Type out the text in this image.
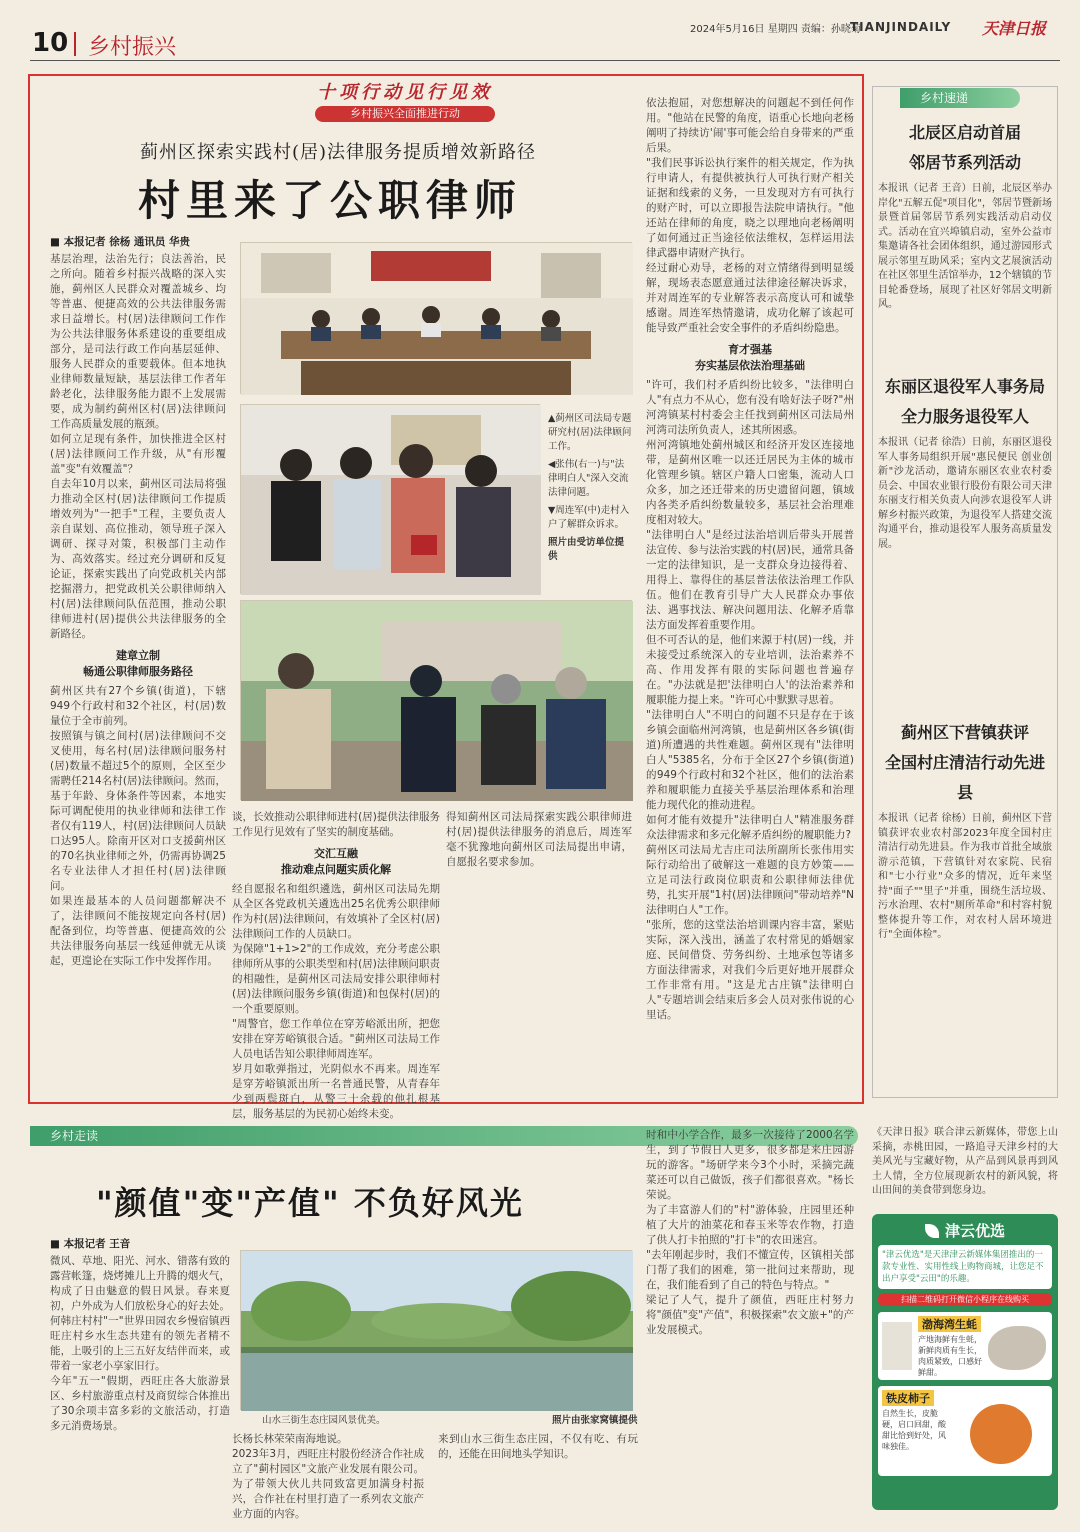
10 乡村振兴
2024年5月16日 星期四 责编：孙晓菊
TIANJINDAILY 天津日报
十项行动见行见效
乡村振兴全面推进行动
蓟州区探索实践村(居)法律服务提质增效新路径
村里来了公职律师
■ 本报记者 徐杨 通讯员 华贵

基层治理，法治先行；良法善治，民之所向。随着乡村振兴战略的深入实施，蓟州区人民群众对覆盖城乡、均等普惠、便捷高效的公共法律服务需求日益增长。村(居)法律顾问工作作为公共法律服务体系建设的重要组成部分，是司法行政工作向基层延伸、服务人民群众的重要载体。但本地执业律师数量短缺，基层法律工作者年龄老化，法律服务能力跟不上发展需要，成为制约蓟州区村(居)法律顾问工作高质量发展的瓶颈。

如何立足现有条件，加快推进全区村(居)法律顾问工作升级，从"有形覆盖"变"有效覆盖"？

自去年10月以来，蓟州区司法局将强力推动全区村(居)法律顾问工作提质增效列为"一把手"工程，主要负责人亲自谋划、高位推动，领导班子深入调研、探寻对策，积极部门主动作为、高效落实。经过充分调研和反复论证，探索实践出了向党政机关内部挖掘潜力，把党政机关公职律师纳入村(居)法律顾问队伍范围，推动公职律师进村(居)提供公共法律服务的全新路径。

建章立制
畅通公职律师服务路径

蓟州区共有27个乡镇(街道)，下辖949个行政村和32个社区，村(居)数量位于全市前列。

按照镇与镇之间村(居)法律顾问不交叉使用，每名村(居)法律顾问服务村(居)数量不超过5个的原则，全区至少需聘任214名村(居)法律顾问。然而，基于年龄、身体条件等因素，本地实际可调配使用的执业律师和法律工作者仅有119人，村(居)法律顾问人员缺口达95人。除南开区对口支援蓟州区的70名执业律师之外，仍需再协调25名专业法律人才担任村(居)法律顾问。

如果连最基本的人员问题都解决不了，法律顾问不能按规定向各村(居)配备到位，均等普惠、便捷高效的公共法律服务向基层一线延伸就无从谈起，更遑论在实际工作中发挥作用。

▲蓟州区司法局专题研究村(居)法律顾问工作。
◀张伟(右一)与"法律明白人"深入交流法律问题。
▼周连军(中)走村入户了解群众诉求。
照片由受访单位提供

谈，长效推动公职律师进村(居)提供法律服务工作见行见效有了坚实的制度基础。

交汇互融
推动难点问题实质化解

经自愿报名和组织遴选，蓟州区司法局先期从全区各党政机关遴选出25名优秀公职律师作为村(居)法律顾问，有效填补了全区村(居)法律顾问工作的人员缺口。

为保障"1+1>2"的工作成效，充分考虑公职律师所从事的公职类型和村(居)法律顾问职责的相融性，是蓟州区司法局安排公职律师村(居)法律顾问服务乡镇(街道)和包保村(居)的一个重要原则。

"周警官，您工作单位在穿芳峪派出所，把您安排在穿芳峪镇很合适。"蓟州区司法局工作人员电话告知公职律师周连军。

岁月如歌弹指过，光阴似水不再来。周连军是穿芳峪镇派出所一名普通民警，从青春年少到两鬓斑白，从警三十余载的他扎根基层，服务基层的为民初心始终未变。

得知蓟州区司法局探索实践公职律师进村(居)提供法律服务的消息后，周连军毫不犹豫地向蓟州区司法局提出申请，自愿报名要求参加。

依法抱屈，对您想解决的问题起不到任何作用。"他站在民警的角度，语重心长地向老杨阐明了持续访'闹'事可能会给自身带来的严重后果。

"我们民事诉讼执行案件的相关规定，作为执行申请人，有提供被执行人可执行财产相关证据和线索的义务，一旦发现对方有可执行的财产时，可以立即报告法院申请执行。"他还站在律师的角度，晓之以理地向老杨阐明了如何通过正当途径依法维权，怎样运用法律武器申请财产执行。

经过耐心劝导，老杨的对立情绪得到明显缓解，现场表态愿意通过法律途径解决诉求，并对周连军的专业解答表示高度认可和诚挚感谢。周连军热情邀请，成功化解了该起可能导致严重社会安全事件的矛盾纠纷隐患。

育才强基
夯实基层依法治理基础

"许可，我们村矛盾纠纷比较多，"法律明白人"有点力不从心，您有没有啥好法子呀?"州河湾镇某村村委会主任找到蓟州区司法局州河湾司法所负责人，述其所困惑。

州河湾镇地处蓟州城区和经济开发区连接地带，是蓟州区唯一以还迁居民为主体的城市化管理乡镇。辖区户籍人口密集，流动人口众多，加之还迁带来的历史遗留问题，镇域内各类矛盾纠纷数量较多，基层社会治理难度相对较大。

"法律明白人"是经过法治培训后带头开展普法宣传、参与法治实践的村(居)民，通常具备一定的法律知识，是一支群众身边接得着、用得上、靠得住的基层普法依法治理工作队伍。他们在教育引导广大人民群众办事依法、遇事找法、解决问题用法、化解矛盾靠法方面发挥着重要作用。

但不可否认的是，他们来源于村(居)一线，并未接受过系统深入的专业培训，法治素养不高、作用发挥有限的实际问题也普遍存在。"办法就是把'法律明白人'的法治素养和履职能力提上来。"许可心中默默寻思着。

"法律明白人"不明白的问题不只是存在于该乡镇会面临州河湾镇，也是蓟州区各乡镇(街道)所遭遇的共性难题。蓟州区现有"法律明白人"5385名，分布于全区27个乡镇(街道)的949个行政村和32个社区，他们的法治素养和履职能力直接关乎基层治理体系和治理能力现代化的推动进程。

如何才能有效提升"法律明白人"精准服务群众法律需求和多元化解矛盾纠纷的履职能力?

蓟州区司法局尤吉庄司法所副所长张伟用实际行动给出了破解这一难题的良方妙策——立足司法行政岗位职责和公职律师法律优势，扎实开展"1村(居)法律顾问"带动培养"N法律明白人"工作。

"张所，您的这堂法治培训课内容丰富，紧贴实际，深入浅出，涵盖了农村常见的婚姻家庭、民间借贷、劳务纠纷、土地承包等诸多方面法律需求，对我们今后更好地开展群众工作非常有用。"这是尤古庄镇"法律明白人"专题培训会结束后多会人员对张伟说的心里话。

乡村速递
北辰区启动首届
邻居节系列活动
本报讯（记者 王音）日前，北辰区举办岸化"五解五促"项目化"，邻居节暨新场景暨首届邻居节系列实践活动启动仪式。活动在宜兴埠镇启动，室外公益市集邀请各社会团体组织，通过游园形式展示邻里互助风采；室内文艺展演活动在社区邻里生活馆举办，12个辖镇的节目轮番登场，展现了社区好邻居文明新风。
东丽区退役军人事务局
全力服务退役军人
本报讯（记者 徐浩）日前，东丽区退役军人事务局组织开展"惠民便民 创业创新"沙龙活动，邀请东丽区农业农村委员会、中国农业银行股份有限公司天津东丽支行相关负责人向涉农退役军人讲解乡村振兴政策，为退役军人搭建交流沟通平台，推动退役军人服务高质量发展。
蓟州区下营镇获评
全国村庄清洁行动先进县
本报讯（记者 徐杨）日前，蓟州区下营镇获评农业农村部2023年度全国村庄清洁行动先进县。作为我市首批全域旅游示范镇，下营镇针对农家院、民宿和"七小行业"众多的情况，近年来坚持"面子""里子"并重，围绕生活垃圾、污水治理、农村"厕所革命"和村容村貌整体提升等工作，对农村人居环境进行"全面体检"。
乡村走读
"颜值"变"产值" 不负好风光
■ 本报记者 王音

微风、草地、阳光、河水、错落有致的露营帐篷，烧烤摊儿上升腾的烟火气，构成了日由魅意的假日风景。春来夏初，户外成为人们放松身心的好去处。何韩庄村村"一"世界田园农乡慢宿镇西旺庄村乡水生态共建有的领先者精不能，上吸引的上三五好友结伴而来，或带着一家老小享家旧行。

今年"五一"假期，西旺庄各大旅游景区、乡村旅游重点村及商贸综合体推出了30余项丰富多彩的文旅活动，打造多元消费场景。	山水三街生态庄园风景优美。	照片由张家窝镇提供

长杨长林荣荣南海地说。

2023年3月，西旺庄村股份经济合作社成立了"蓟村园区"文旅产业发展有限公司。为了带领大伙儿共同致富更加满身村振兴，合作社在村里打造了一系列农文旅产业方面的内容。

来到山水三街生态庄园，不仅有吃、有玩的，还能在田间地头学知识。

时和中小学合作，最多一次接待了2000名学生，到了节假日人更多，很多都是来庄园游玩的游客。"场研学来今3个小时，采摘完蔬菜还可以自己做饭，孩子们都很喜欢。"杨长荣说。

为了丰富游人们的"村"游体验，庄园里还种植了大片的油菜花和春玉米等农作物，打造了供人打卡拍照的"打卡"的农田迷宫。

"去年刚起步时，我们不懂宣传，区镇相关部门帮了我们的困难，第一批问过来帮助，现在，我们能看到了自己的特色与特点。"

梁记了人气，提升了颜值，西旺庄村努力将"颜值"变"产值"，积极探索"农文旅+"的产业发展模式。

《天津日报》联合津云新媒体，带您上山采摘，赤桃田园，一路追寻天津乡村的大美风光与宝藏好物，从产品到风景再到风土人情，全方位展现新农村的新风貌，将山田间的美食带到您身边。
津云优选
"津云优选"是天津津云新媒体集团推出的一款专业性、实用性线上购物商城，让您足不出户享受"云田"的乐趣。
扫描二维码打开微信小程序在线购买
渤海湾生蚝
产地海鲜有生蚝，新鲜肉质有生长，肉质紧致，口感好鲜甜。
铁皮柿子
自然生长，皮脆硬，启口回甜，酸甜比恰到好处，风味独佳。
